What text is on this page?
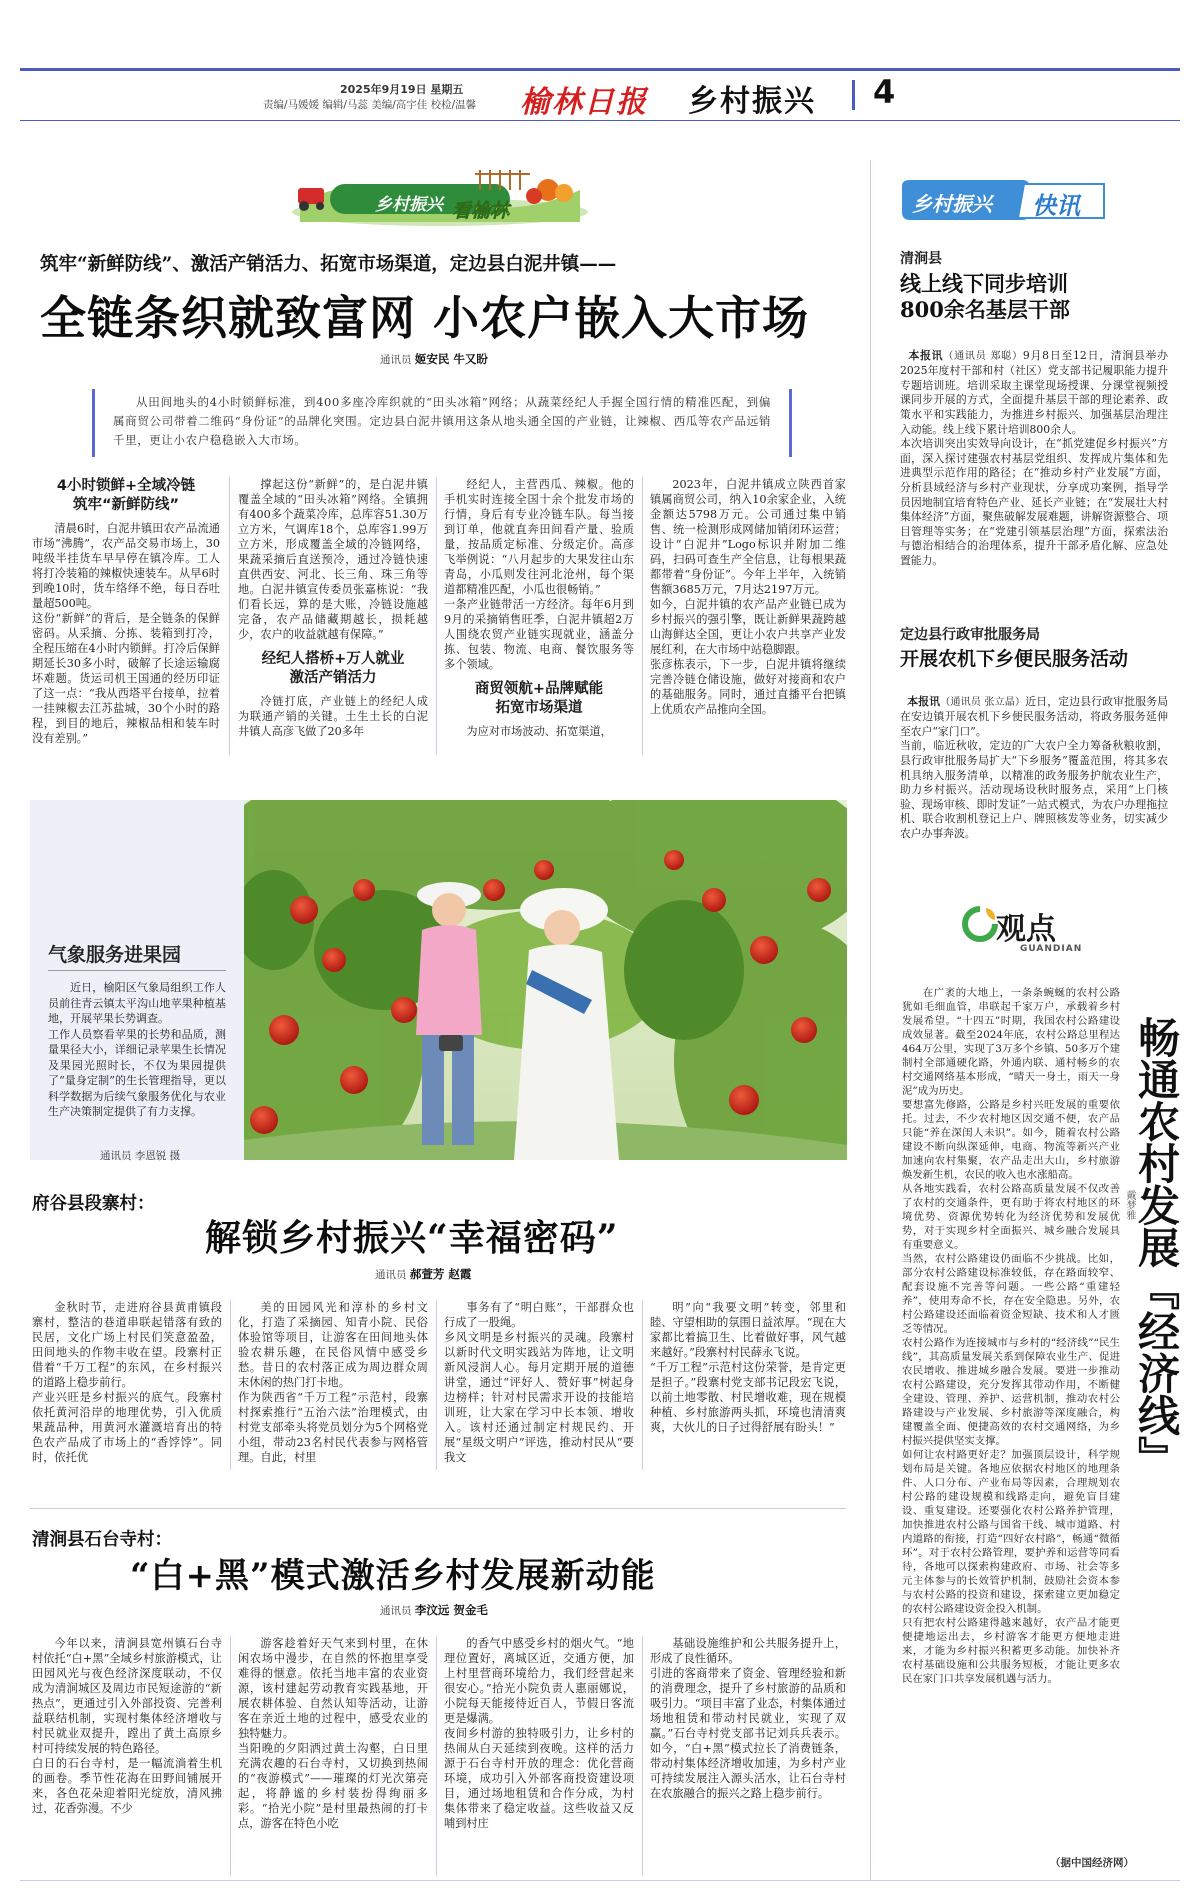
2025年9月19日 星期五
责编/马媛媛 编辑/马蕊 美编/高宇佳 校检/温馨 榆林日报 乡村振兴 4
乡村振兴 看榆林
筑牢“新鲜防线”、激活产销活力、拓宽市场渠道，定边县白泥井镇——
全链条织就致富网 小农户嵌入大市场
通讯员 姬安民 牛又盼
从田间地头的4小时锁鲜标准，到400多座冷库织就的“田头冰箱”网络；从蔬菜经纪人手握全国行情的精准匹配，到偏属商贸公司带着二维码“身份证”的品牌化突围。定边县白泥井镇用这条从地头通全国的产业链，让辣椒、西瓜等农产品远销千里，更让小农户稳稳嵌入大市场。
4小时锁鲜+全域冷链
筑牢“新鲜防线”
清晨6时，白泥井镇田农产品流通市场“沸腾”，农产品交易市场上，30吨级半挂货车早早停在镇冷库。工人将打冷装箱的辣椒快速装车。从早6时到晚10时，货车络绎不绝，每日吞吐量超500吨。
这份“新鲜”的背后，是全链条的保鲜密码。从采摘、分拣、装箱到打冷，全程压缩在4小时内锁鲜。打冷后保鲜期延长30多小时，破解了长途运输腐坏难题。货运司机王国通的经历印证了这一点：“我从西塔平台接单，拉着一挂辣椒去江苏盐城，30个小时的路程，到目的地后，辣椒品相和装车时没有差别。”
撑起这份“新鲜”的，是白泥井镇覆盖全域的“田头冰箱”网络。全镇拥有400多个蔬菜冷库，总库容51.30万立方米，气调库18个，总库容1.99万立方米，形成覆盖全域的冷链网络，果蔬采摘后直送预冷，通过冷链快速直供西安、河北、长三角、珠三角等地。白泥井镇宣传委员张嘉栋说：“我们看长远，算的是大账，冷链设施越完备，农产品储藏期越长，损耗越少，农户的收益就越有保障。”
经纪人搭桥+万人就业
激活产销活力
冷链打底，产业链上的经纪人成为联通产销的关键。土生土长的白泥井镇人高彦飞做了20多年
经纪人，主营西瓜、辣椒。他的手机实时连接全国十余个批发市场的行情，身后有专业冷链车队。每当接到订单，他就直奔田间看产量、验质量，按品质定标准、分级定价。高彦飞举例说：“八月起步的大果发往山东青岛，小瓜则发往河北沧州，每个渠道都精准匹配，小瓜也很畅销。”
一条产业链带活一方经济。每年6月到9月的采摘销售旺季，白泥井镇超2万人围绕农贸产业链实现就业，涵盖分拣、包装、物流、电商、餐饮服务等多个领域。
商贸领航+品牌赋能
拓宽市场渠道
为应对市场波动、拓宽渠道，
2023年，白泥井镇成立陕西首家镇属商贸公司，纳入10余家企业，入统金额达5798万元。公司通过集中销售、统一检测形成网储加销闭环运营；设计“白泥井”Logo标识并附加二维码，扫码可查生产全信息，让每根果蔬都带着“身份证”。今年上半年，入统销售额3685万元，7月达2197万元。
如今，白泥井镇的农产品产业链已成为乡村振兴的强引擎，既让新鲜果蔬跨越山海鲜达全国，更让小农户共享产业发展红利，在大市场中站稳脚跟。
张彦栋表示，下一步，白泥井镇将继续完善冷链仓储设施，做好对接商和农户的基础服务。同时，通过直播平台把镇上优质农产品推向全国。
气象服务进果园
近日，榆阳区气象局组织工作人员前往青云镇太平沟山地苹果种植基地，开展苹果长势调查。
工作人员察看苹果的长势和品质，测量果径大小，详细记录苹果生长情况及果园光照时长，不仅为果园提供了“量身定制”的生长管理指导，更以科学数据为后续气象服务优化与农业生产决策制定提供了有力支撑。
通讯员 李恩锐 摄
府谷县段寨村：
解锁乡村振兴“幸福密码”
通讯员 郝萱芳 赵霞
金秋时节，走进府谷县黄甫镇段寨村，整洁的巷道串联起错落有致的民居，文化广场上村民们笑意盈盈，田间地头的作物丰收在望。段寨村正借着“千万工程”的东风，在乡村振兴的道路上稳步前行。
产业兴旺是乡村振兴的底气。段寨村依托黄河沿岸的地理优势，引入优质果蔬品种，用黄河水灌溉培育出的特色农产品成了市场上的“香饽饽”。同时，依托优
美的田园风光和淳朴的乡村文化，打造了采摘园、知青小院、民俗体验馆等项目，让游客在田间地头体验农耕乐趣，在民俗风情中感受乡愁。昔日的农村落正成为周边群众周末休闲的热门打卡地。
作为陕西省“千万工程”示范村，段寨村探索推行“五治六法”治理模式，由村党支部牵头将党员划分为5个网格党小组，带动23名村民代表参与网格管理。自此，村里
事务有了“明白账”，干部群众也行成了一股绳。
乡风文明是乡村振兴的灵魂。段寨村以新时代文明实践站为阵地，让文明新风浸润人心。每月定期开展的道德讲堂，通过“评好人、赞好事”树起身边榜样；针对村民需求开设的技能培训班，让大家在学习中长本领、增收入。该村还通过制定村规民约、开展“星级文明户”评选，推动村民从“要我文
明”向“我要文明”转变，邻里和睦、守望相助的氛围日益浓厚。“现在大家都比着搞卫生、比着做好事，风气越来越好。”段寨村村民薛永飞说。
“千万工程”示范村这份荣誉，是肯定更是担子。”段寨村党支部书记段宏飞说，以前土地零散、村民增收难，现在规模种植、乡村旅游两头抓，环境也清清爽爽，大伙儿的日子过得舒展有盼头！”
清涧县石台寺村：
“白+黑”模式激活乡村发展新动能
通讯员 李汶远 贺金毛
今年以来，清涧县宽州镇石台寺村依托“白+黑”全域乡村旅游模式，让田园风光与夜色经济深度联动，不仅成为清涧城区及周边市民短途游的“新热点”，更通过引入外部投资、完善利益联结机制，实现村集体经济增收与村民就业双提升，蹚出了黄土高原乡村可持续发展的特色路径。
白日的石台寺村，是一幅流淌着生机的画卷。季节性花海在田野间铺展开来，各色花朵迎着阳光绽放，清风拂过，花香弥漫。不少
游客趁着好天气来到村里，在休闲农场中漫步，在自然的怀抱里享受难得的惬意。依托当地丰富的农业资源，该村建起劳动教育实践基地，开展农耕体验、自然认知等活动，让游客在亲近土地的过程中，感受农业的独特魅力。
当阳晚的夕阳洒过黄土沟壑，白日里充满农趣的石台寺村，又切换到热闹的“夜游模式”——璀璨的灯光次第亮起，将静谧的乡村装扮得绚丽多彩。“拾光小院”是村里最热闹的打卡点，游客在特色小吃
的香气中感受乡村的烟火气。“地理位置好，离城区近，交通方便，加上村里营商环境给力，我们经营起来很安心。”拾光小院负责人惠丽娜说，小院每天能接待近百人，节假日客流更是爆满。
夜间乡村游的独特吸引力，让乡村的热闹从白天延续到夜晚。这样的活力源于石台寺村开放的理念：优化营商环境，成功引入外部客商投资建设项目，通过场地租赁和合作分成，为村集体带来了稳定收益。这些收益又反哺到村庄
基础设施维护和公共服务提升上，形成了良性循环。
引进的客商带来了资金、管理经验和新的消费理念，提升了乡村旅游的品质和吸引力。“项目丰富了业态，村集体通过场地租赁和带动村民就业，实现了双赢。”石台寺村党支部书记刘兵兵表示。如今，“白+黑”模式拉长了消费链条，带动村集体经济增收加速，为乡村产业可持续发展注入源头活水，让石台寺村在农旅融合的振兴之路上稳步前行。
乡村振兴 快讯
清涧县
线上线下同步培训
800余名基层干部

本报讯（通讯员 郑聪）9月8日至12日，清涧县举办2025年度村干部和村（社区）党支部书记履职能力提升专题培训班。培训采取主课堂现场授课、分课堂视频授课同步开展的方式，全面提升基层干部的理论素养、政策水平和实践能力，为推进乡村振兴、加强基层治理注入动能。线上线下累计培训800余人。
本次培训突出实效导向设计，在“抓党建促乡村振兴”方面，深入探讨建强农村基层党组织、发挥成片集体和先进典型示范作用的路径；在“推动乡村产业发展”方面，分析县域经济与乡村产业现状，分享成功案例，指导学员因地制宜培育特色产业、延长产业链；在“发展壮大村集体经济”方面，聚焦破解发展难题，讲解资源整合、项目管理等实务；在“党建引领基层治理”方面，探索法治与德治相结合的治理体系，提升干部矛盾化解、应急处置能力。

定边县行政审批服务局
开展农机下乡便民服务活动

本报讯（通讯员 张立晶）近日，定边县行政审批服务局在安边镇开展农机下乡便民服务活动，将政务服务延伸至农户“家门口”。
当前，临近秋收，定边的广大农户全力筹备秋粮收割，县行政审批服务局扩大“下乡服务”覆盖范围，将其多农机具纳入服务清单，以精准的政务服务护航农业生产，助力乡村振兴。活动现场设秋时服务点，采用“上门核验、现场审核、即时发证”一站式模式，为农户办理拖拉机、联合收割机登记上户、牌照核发等业务，切实减少农户办事奔波。

观点
GUANDIAN
在广袤的大地上，一条条蜿蜒的农村公路犹如毛细血管，串联起千家万户，承载着乡村发展希望。“十四五”时期，我国农村公路建设成效显著。截至2024年底，农村公路总里程达464万公里，实现了3万多个乡镇、50多万个建制村全部通硬化路，外通内联、通村畅乡的农村交通网络基本形成，“晴天一身土，雨天一身泥”成为历史。
要想富先修路，公路是乡村兴旺发展的重要依托。过去，不少农村地区因交通不便，农产品只能“养在深闺人未识”。如今，随着农村公路建设不断向纵深延伸，电商、物流等新兴产业加速向农村集聚，农产品走出大山，乡村旅游焕发新生机，农民的收入也水涨船高。
从各地实践看，农村公路高质量发展不仅改善了农村的交通条件，更有助于将农村地区的环境优势、资源优势转化为经济优势和发展优势，对于实现乡村全面振兴、城乡融合发展具有重要意义。
当然，农村公路建设仍面临不少挑战。比如，部分农村公路建设标准较低，存在路面较窄、配套设施不完善等问题。一些公路“重建轻养”，使用寿命不长，存在安全隐患。另外，农村公路建设还面临着资金短缺、技术和人才匮乏等情况。
农村公路作为连接城市与乡村的“经济线”“民生线”，其高质量发展关系到保障农业生产、促进农民增收、推进城乡融合发展。要进一步推动农村公路建设，充分发挥其带动作用，不断健全建设、管理、养护、运营机制，推动农村公路建设与产业发展、乡村旅游等深度融合，构建覆盖全面、便捷高效的农村交通网络，为乡村振兴提供坚实支撑。
如何让农村路更好走？加强顶层设计，科学规划布局是关键。各地应依据农村地区的地理条件、人口分布、产业布局等因素，合理规划农村公路的建设规模和线路走向，避免盲目建设、重复建设。还要强化农村公路养护管理，加快推进农村公路与国省干线、城市道路、村内道路的衔接，打造“四好农村路”，畅通“微循环”。对于农村公路管理，要护养和运营等同看待，各地可以探索构建政府、市场、社会等多元主体参与的长效管护机制，鼓励社会资本参与农村公路的投资和建设，探索建立更加稳定的农村公路建设资金投入机制。
只有把农村公路建得越来越好，农产品才能更便捷地运出去，乡村游客才能更方便地走进来，才能为乡村振兴积蓄更多动能。加快补齐农村基础设施和公共服务短板，才能让更多农民在家门口共享发展机遇与活力。
畅通农村发展『经济线』
戴梦雅
（据中国经济网）
